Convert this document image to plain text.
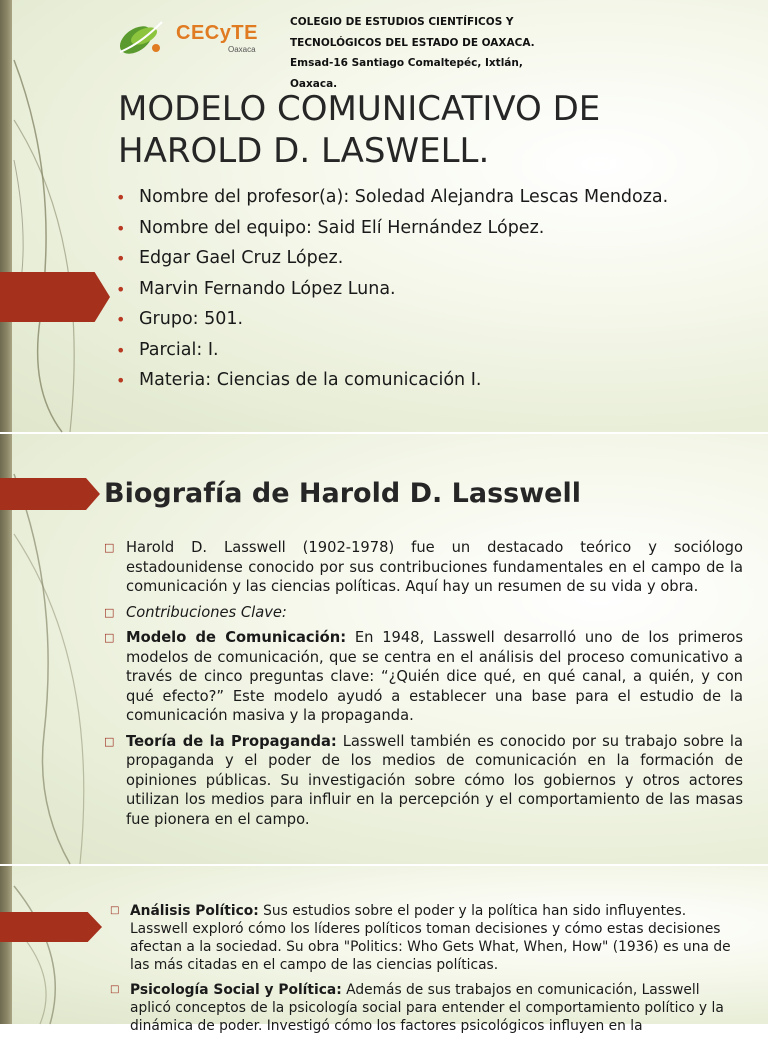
CECyTE
Oaxaca
COLEGIO DE ESTUDIOS CIENTÍFICOS Y
TECNOLÓGICOS DEL ESTADO DE OAXACA.
Emsad-16 Santiago Comaltepéc, Ixtlán,
Oaxaca.
MODELO COMUNICATIVO DE
HAROLD D. LASWELL.
• Nombre del profesor(a): Soledad Alejandra Lescas Mendoza.
• Nombre del equipo: Said Elí Hernández López.
• Edgar Gael Cruz López.
• Marvin Fernando López Luna.
• Grupo: 501.
• Parcial: I.
• Materia: Ciencias de la comunicación I.
Biografía de Harold D. Lasswell
□ Harold D. Lasswell (1902-1978) fue un destacado teórico y sociólogo estadounidense conocido por sus contribuciones fundamentales en el campo de la comunicación y las ciencias políticas. Aquí hay un resumen de su vida y obra.
□ Contribuciones Clave:
□ Modelo de Comunicación: En 1948, Lasswell desarrolló uno de los primeros modelos de comunicación, que se centra en el análisis del proceso comunicativo a través de cinco preguntas clave: “¿Quién dice qué, en qué canal, a quién, y con qué efecto?” Este modelo ayudó a establecer una base para el estudio de la comunicación masiva y la propaganda.
□ Teoría de la Propaganda: Lasswell también es conocido por su trabajo sobre la propaganda y el poder de los medios de comunicación en la formación de opiniones públicas. Su investigación sobre cómo los gobiernos y otros actores utilizan los medios para influir en la percepción y el comportamiento de las masas fue pionera en el campo.
□ Análisis Político: Sus estudios sobre el poder y la política han sido influyentes. Lasswell exploró cómo los líderes políticos toman decisiones y cómo estas decisiones afectan a la sociedad. Su obra "Politics: Who Gets What, When, How" (1936) es una de las más citadas en el campo de las ciencias políticas.
□ Psicología Social y Política: Además de sus trabajos en comunicación, Lasswell aplicó conceptos de la psicología social para entender el comportamiento político y la dinámica de poder. Investigó cómo los factores psicológicos influyen en la
